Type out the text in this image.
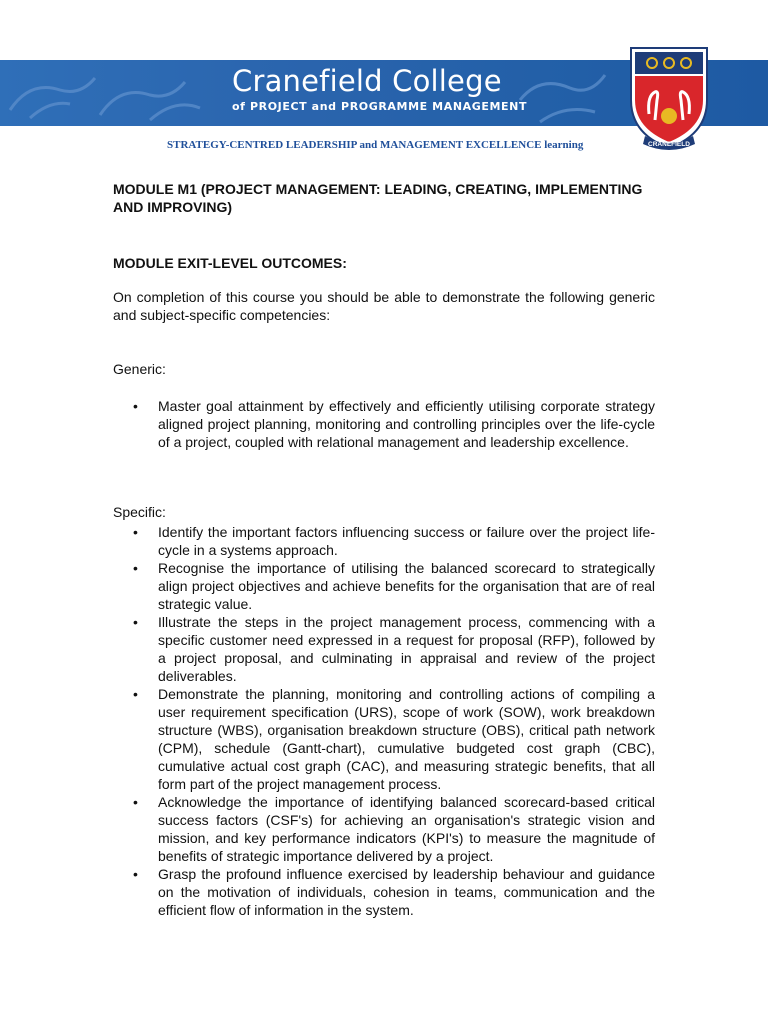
Cranefield College
of PROJECT and PROGRAMME MANAGEMENT
CRANEFIELD
STRATEGY-CENTRED LEADERSHIP and MANAGEMENT EXCELLENCE learning
MODULE M1 (PROJECT MANAGEMENT: LEADING, CREATING, IMPLEMENTING AND IMPROVING)
MODULE EXIT-LEVEL OUTCOMES:
On completion of this course you should be able to demonstrate the following generic and subject-specific competencies:
Generic:
• Master goal attainment by effectively and efficiently utilising corporate strategy aligned project planning, monitoring and controlling principles over the life-cycle of a project, coupled with relational management and leadership excellence.
Specific:
• Identify the important factors influencing success or failure over the project life-cycle in a systems approach.
• Recognise the importance of utilising the balanced scorecard to strategically align project objectives and achieve benefits for the organisation that are of real strategic value.
• Illustrate the steps in the project management process, commencing with a specific customer need expressed in a request for proposal (RFP), followed by a project proposal, and culminating in appraisal and review of the project deliverables.
• Demonstrate the planning, monitoring and controlling actions of compiling a user requirement specification (URS), scope of work (SOW), work breakdown structure (WBS), organisation breakdown structure (OBS), critical path network (CPM), schedule (Gantt-chart), cumulative budgeted cost graph (CBC), cumulative actual cost graph (CAC), and measuring strategic benefits, that all form part of the project management process.
• Acknowledge the importance of identifying balanced scorecard-based critical success factors (CSF's) for achieving an organisation's strategic vision and mission, and key performance indicators (KPI's) to measure the magnitude of benefits of strategic importance delivered by a project.
• Grasp the profound influence exercised by leadership behaviour and guidance on the motivation of individuals, cohesion in teams, communication and the efficient flow of information in the system.
